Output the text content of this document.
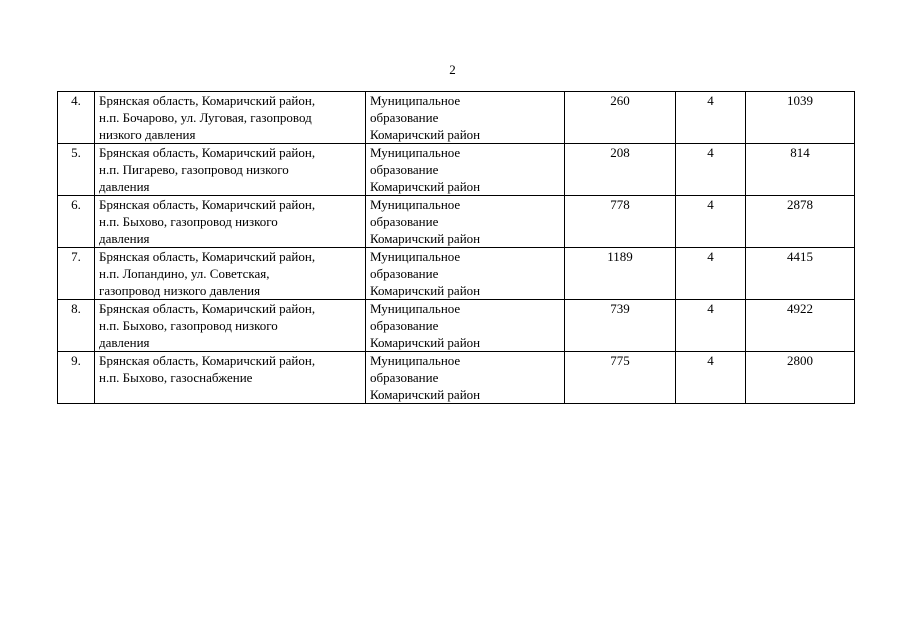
2
4.	Брянская область, Комаричский район,
н.п. Бочарово, ул. Луговая, газопровод
низкого давления	Муниципальное
образование
Комаричский район	260	4	1039
5.	Брянская область, Комаричский район,
н.п. Пигарево, газопровод низкого
давления	Муниципальное
образование
Комаричский район	208	4	814
6.	Брянская область, Комаричский район,
н.п. Быхово, газопровод низкого
давления	Муниципальное
образование
Комаричский район	778	4	2878
7.	Брянская область, Комаричский район,
н.п. Лопандино, ул. Советская,
газопровод низкого давления	Муниципальное
образование
Комаричский район	1189	4	4415
8.	Брянская область, Комаричский район,
н.п. Быхово, газопровод низкого
давления	Муниципальное
образование
Комаричский район	739	4	4922
9.	Брянская область, Комаричский район,
н.п. Быхово, газоснабжение	Муниципальное
образование
Комаричский район	775	4	2800
